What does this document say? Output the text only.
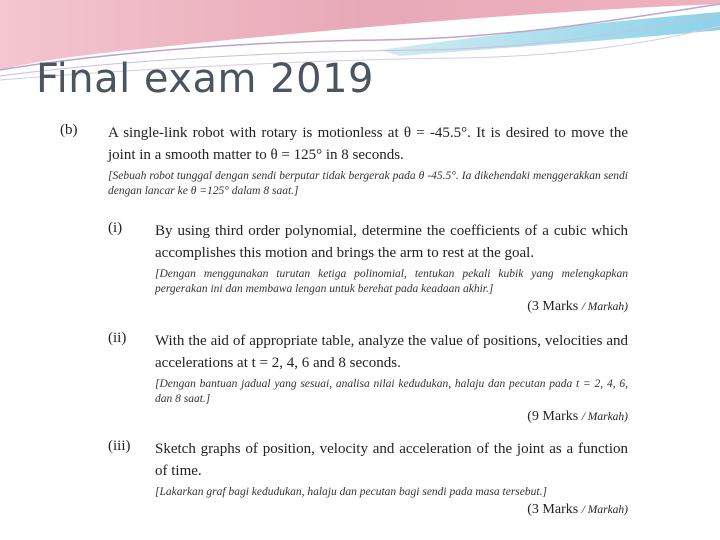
Final exam 2019
(b)	A single-link robot with rotary is motionless at θ = -45.5°. It is desired to move the joint in a smooth matter to θ = 125° in 8 seconds.
[Sebuah robot tunggal dengan sendi berputar tidak bergerak pada θ -45.5°. Ia dikehendaki menggerakkan sendi dengan lancar ke θ =125° dalam 8 saat.]
(i)	By using third order polynomial, determine the coefficients of a cubic which accomplishes this motion and brings the arm to rest at the goal.
[Dengan menggunakan turutan ketiga polinomial, tentukan pekali kubik yang melengkapkan pergerakan ini dan membawa lengan untuk berehat pada keadaan akhir.]
(3 Marks / Markah)
(ii)	With the aid of appropriate table, analyze the value of positions, velocities and accelerations at t = 2, 4, 6 and 8 seconds.
[Dengan bantuan jadual yang sesuai, analisa nilai kedudukan, halaju dan pecutan pada t = 2, 4, 6, dan 8 saat.]
(9 Marks / Markah)
(iii)	Sketch graphs of position, velocity and acceleration of the joint as a function of time.
[Lakarkan graf bagi kedudukan, halaju dan pecutan bagi sendi pada masa tersebut.]
(3 Marks / Markah)
